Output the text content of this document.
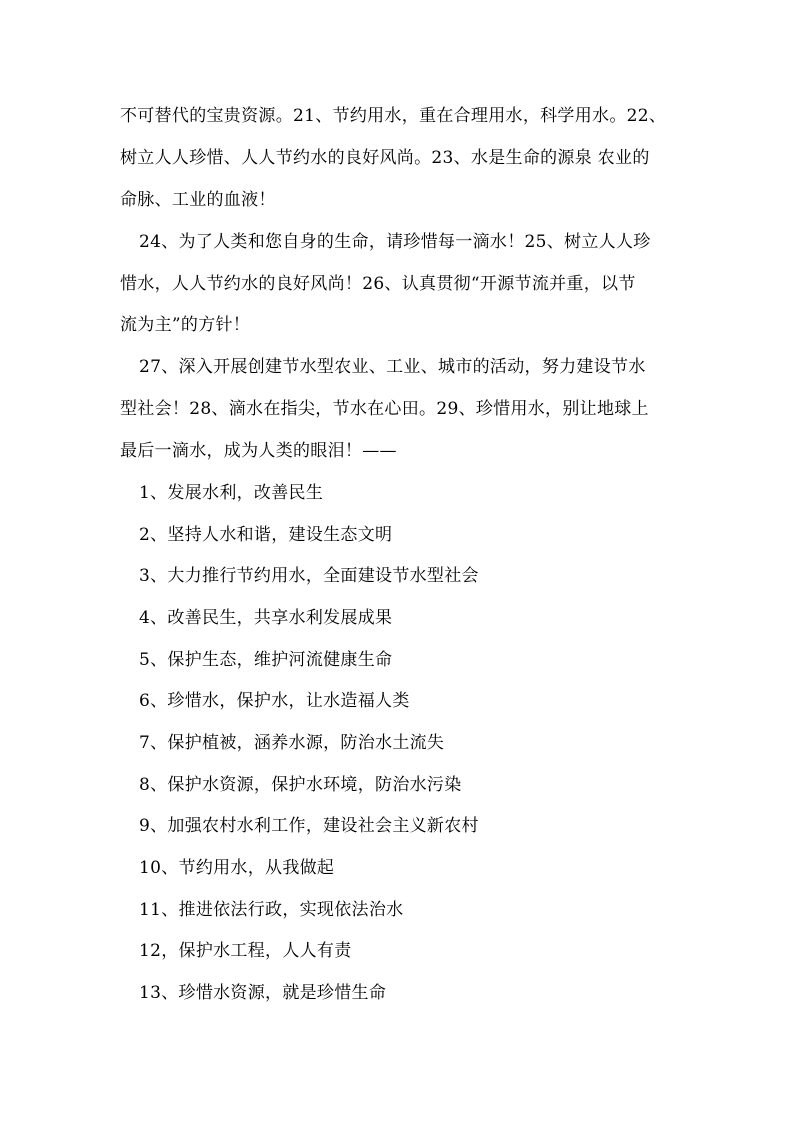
不可替代的宝贵资源。21、节约用水，重在合理用水，科学用水。22、
树立人人珍惜、人人节约水的良好风尚。23、水是生命的源泉 农业的
命脉、工业的血液！
24、为了人类和您自身的生命，请珍惜每一滴水！25、树立人人珍
惜水，人人节约水的良好风尚！26、认真贯彻“开源节流并重，以节
流为主”的方针！
27、深入开展创建节水型农业、工业、城市的活动，努力建设节水
型社会！28、滴水在指尖，节水在心田。29、珍惜用水，别让地球上
最后一滴水，成为人类的眼泪！——
1、发展水利，改善民生
2、坚持人水和谐，建设生态文明
3、大力推行节约用水，全面建设节水型社会
4、改善民生，共享水利发展成果
5、保护生态，维护河流健康生命
6、珍惜水，保护水，让水造福人类
7、保护植被，涵养水源，防治水土流失
8、保护水资源，保护水环境，防治水污染
9、加强农村水利工作，建设社会主义新农村
10、节约用水，从我做起
11、推进依法行政，实现依法治水
12，保护水工程，人人有责
13、珍惜水资源，就是珍惜生命
